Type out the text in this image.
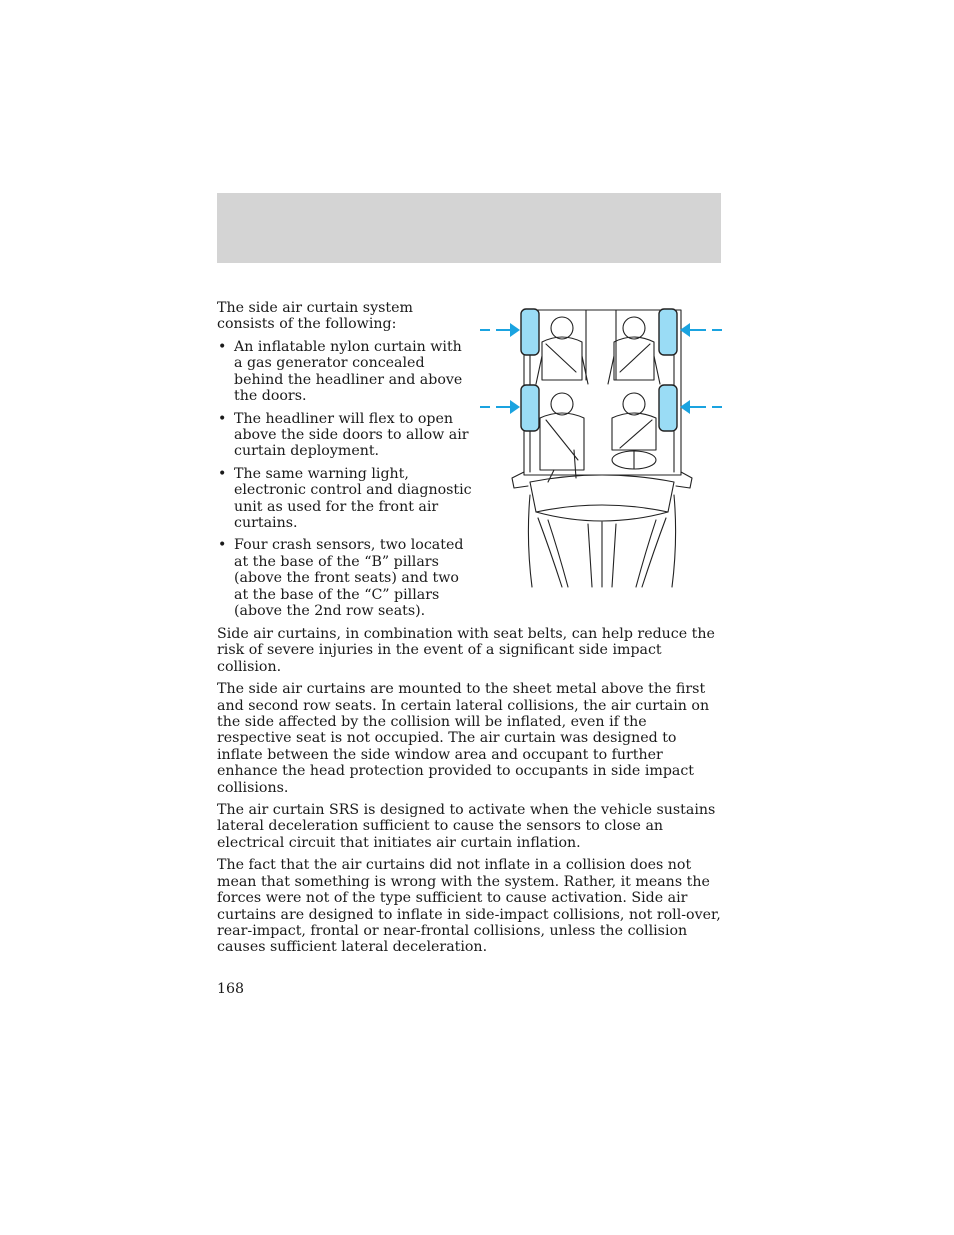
The side air curtain system consists of the following:

• An inflatable nylon curtain with a gas generator concealed behind the headliner and above the doors.
• The headliner will flex to open above the side doors to allow air curtain deployment.
• The same warning light, electronic control and diagnostic unit as used for the front air curtains.
• Four crash sensors, two located at the base of the “B” pillars (above the front seats) and two at the base of the “C” pillars (above the 2nd row seats).

Side air curtains, in combination with seat belts, can help reduce the risk of severe injuries in the event of a significant side impact collision.

The side air curtains are mounted to the sheet metal above the first and second row seats. In certain lateral collisions, the air curtain on the side affected by the collision will be inflated, even if the respective seat is not occupied. The air curtain was designed to inflate between the side window area and occupant to further enhance the head protection provided to occupants in side impact collisions.

The air curtain SRS is designed to activate when the vehicle sustains lateral deceleration sufficient to cause the sensors to close an electrical circuit that initiates air curtain inflation.

The fact that the air curtains did not inflate in a collision does not mean that something is wrong with the system. Rather, it means the forces were not of the type sufficient to cause activation. Side air curtains are designed to inflate in side-impact collisions, not roll-over, rear-impact, frontal or near-frontal collisions, unless the collision causes sufficient lateral deceleration.

168
